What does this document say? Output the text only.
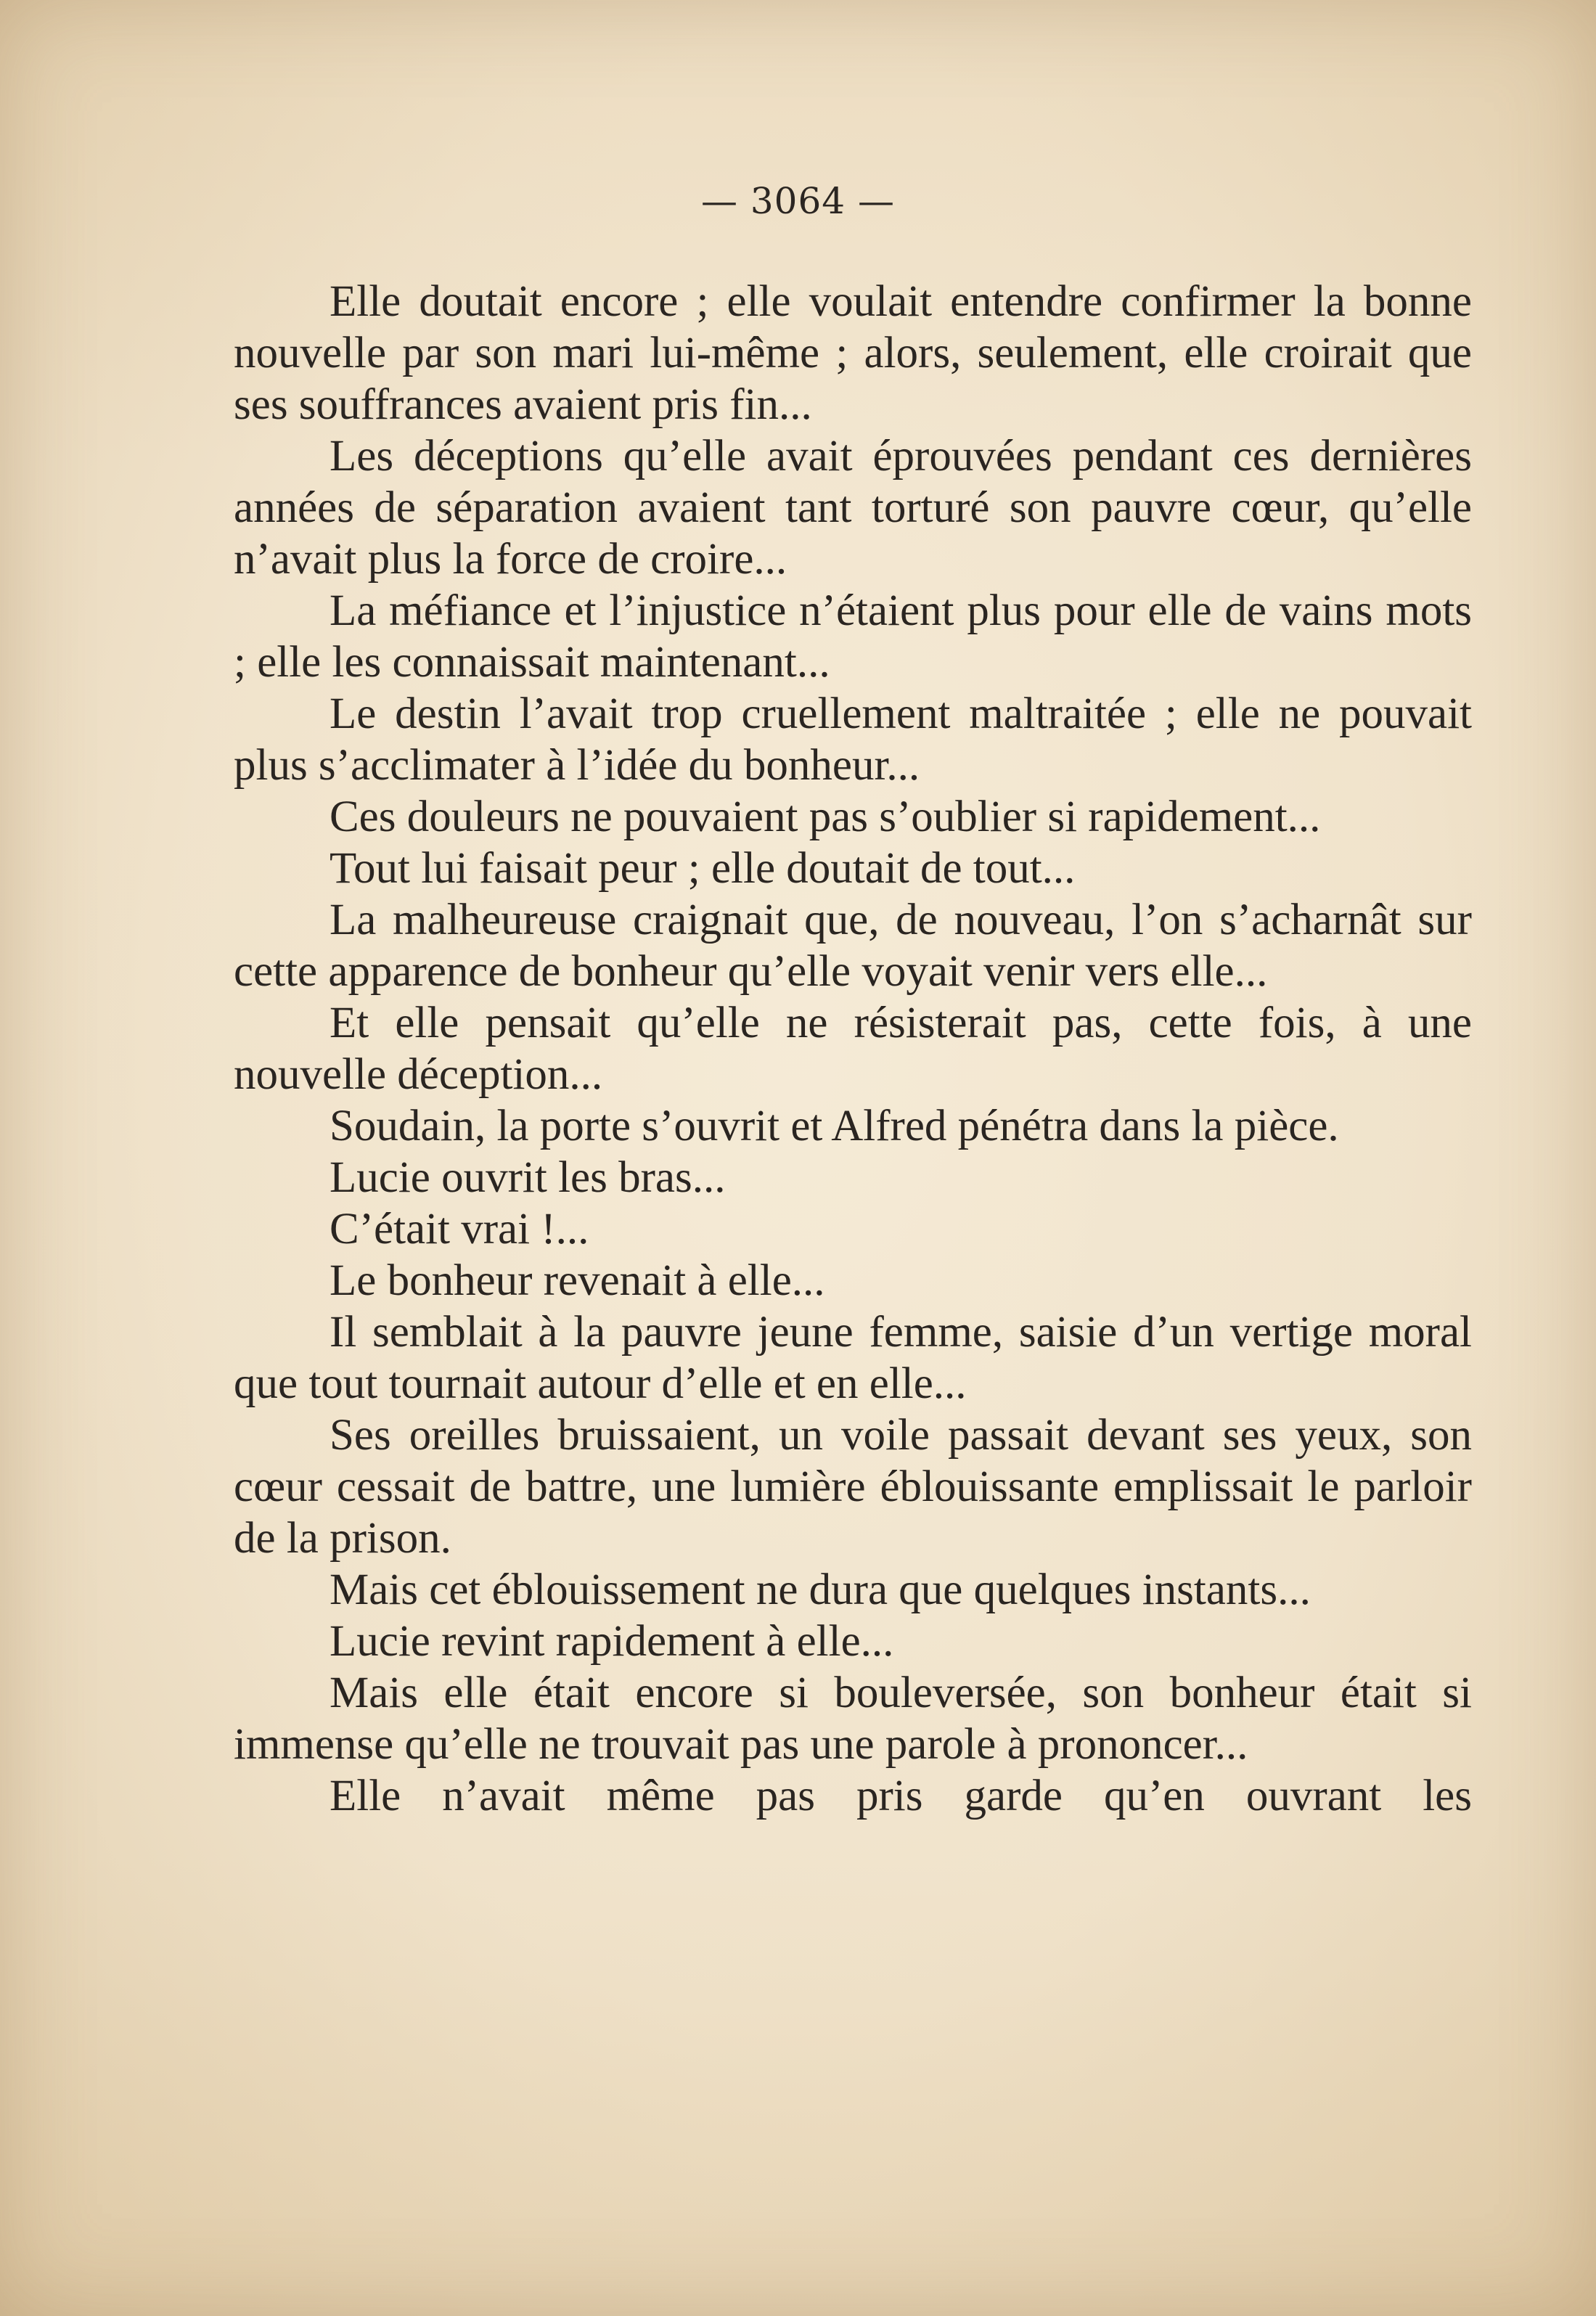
— 3064 —

Elle doutait encore ; elle voulait entendre confirmer la bonne nouvelle par son mari lui-même ; alors, seulement, elle croirait que ses souffrances avaient pris fin...

Les déceptions qu’elle avait éprouvées pendant ces dernières années de séparation avaient tant torturé son pauvre cœur, qu’elle n’avait plus la force de croire...

La méfiance et l’injustice n’étaient plus pour elle de vains mots ; elle les connaissait maintenant...

Le destin l’avait trop cruellement maltraitée ; elle ne pouvait plus s’acclimater à l’idée du bonheur...

Ces douleurs ne pouvaient pas s’oublier si rapidement...

Tout lui faisait peur ; elle doutait de tout...

La malheureuse craignait que, de nouveau, l’on s’acharnât sur cette apparence de bonheur qu’elle voyait venir vers elle...

Et elle pensait qu’elle ne résisterait pas, cette fois, à une nouvelle déception...

Soudain, la porte s’ouvrit et Alfred pénétra dans la pièce.

Lucie ouvrit les bras...

C’était vrai !...

Le bonheur revenait à elle...

Il semblait à la pauvre jeune femme, saisie d’un vertige moral que tout tournait autour d’elle et en elle...

Ses oreilles bruissaient, un voile passait devant ses yeux, son cœur cessait de battre, une lumière éblouissante emplissait le parloir de la prison.

Mais cet éblouissement ne dura que quelques instants...

Lucie revint rapidement à elle...

Mais elle était encore si bouleversée, son bonheur était si immense qu’elle ne trouvait pas une parole à prononcer...

Elle n’avait même pas pris garde qu’en ouvrant les
